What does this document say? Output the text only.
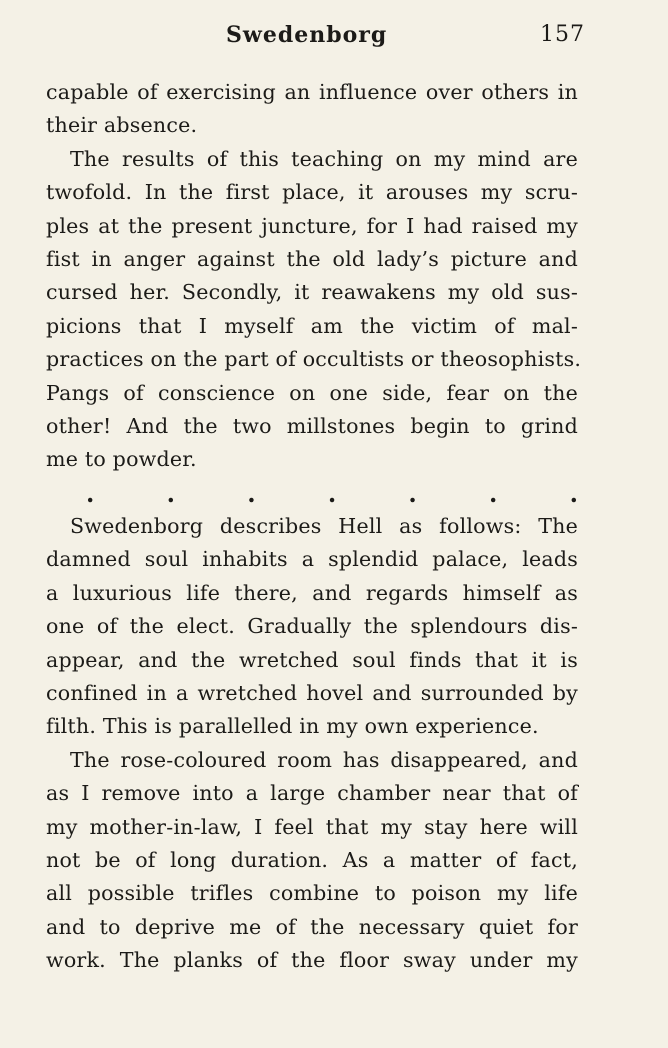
Swedenborg	157
capable of exercising an influence over others in
their absence.
The results of this teaching on my mind are
twofold. In the first place, it arouses my scru-
ples at the present juncture, for I had raised my
fist in anger against the old lady’s picture and
cursed her. Secondly, it reawakens my old sus-
picions that I myself am the victim of mal-
practices on the part of occultists or theosophists.
Pangs of conscience on one side, fear on the
other! And the two millstones begin to grind
me to powder.
. . . . . . .
Swedenborg describes Hell as follows: The
damned soul inhabits a splendid palace, leads
a luxurious life there, and regards himself as
one of the elect. Gradually the splendours dis-
appear, and the wretched soul finds that it is
confined in a wretched hovel and surrounded by
filth. This is parallelled in my own experience.
The rose-coloured room has disappeared, and
as I remove into a large chamber near that of
my mother-in-law, I feel that my stay here will
not be of long duration. As a matter of fact,
all possible trifles combine to poison my life
and to deprive me of the necessary quiet for
work. The planks of the floor sway under my
